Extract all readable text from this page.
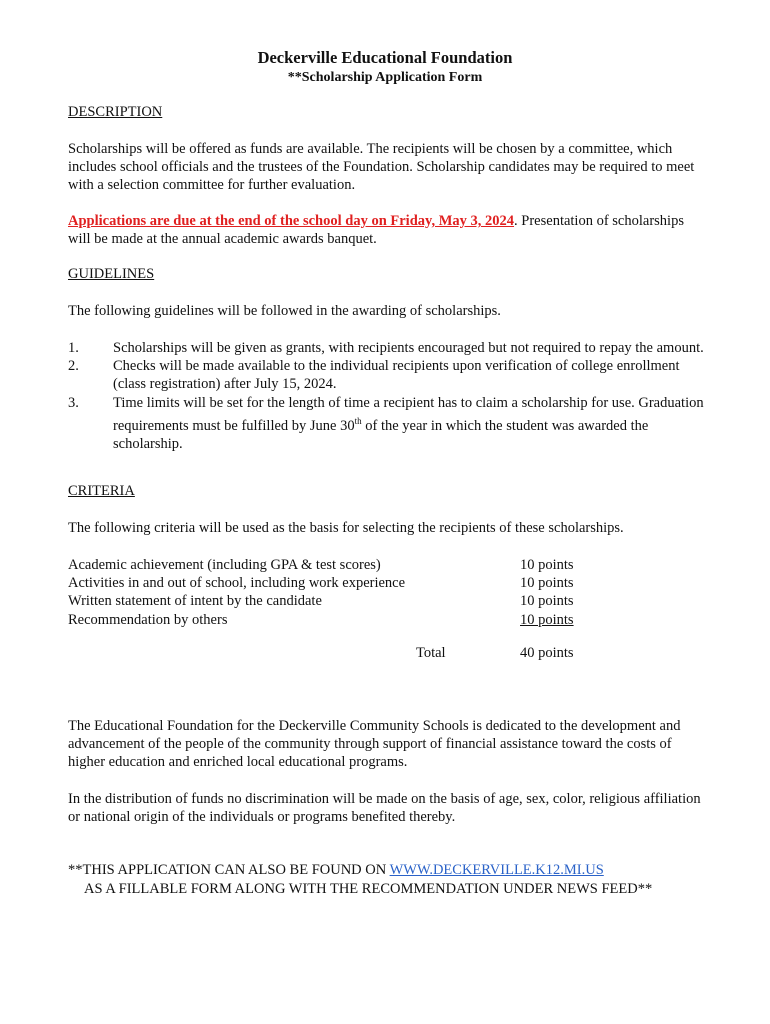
Deckerville Educational Foundation
**Scholarship Application Form
DESCRIPTION
Scholarships will be offered as funds are available. The recipients will be chosen by a committee, which includes school officials and the trustees of the Foundation. Scholarship candidates may be required to meet with a selection committee for further evaluation.
Applications are due at the end of the school day on Friday, May 3, 2024. Presentation of scholarships will be made at the annual academic awards banquet.
GUIDELINES
The following guidelines will be followed in the awarding of scholarships.
1. Scholarships will be given as grants, with recipients encouraged but not required to repay the amount.
2. Checks will be made available to the individual recipients upon verification of college enrollment (class registration) after July 15, 2024.
3. Time limits will be set for the length of time a recipient has to claim a scholarship for use. Graduation requirements must be fulfilled by June 30th of the year in which the student was awarded the scholarship.
CRITERIA
The following criteria will be used as the basis for selecting the recipients of these scholarships.
Academic achievement (including GPA & test scores)	10 points
Activities in and out of school, including work experience	10 points
Written statement of intent by the candidate	10 points
Recommendation by others	10 points
Total	40 points
The Educational Foundation for the Deckerville Community Schools is dedicated to the development and advancement of the people of the community through support of financial assistance toward the costs of higher education and enriched local educational programs.
In the distribution of funds no discrimination will be made on the basis of age, sex, color, religious affiliation or national origin of the individuals or programs benefited thereby.
**THIS APPLICATION CAN ALSO BE FOUND ON WWW.DECKERVILLE.K12.MI.US
AS A FILLABLE FORM ALONG WITH THE RECOMMENDATION UNDER NEWS FEED**
